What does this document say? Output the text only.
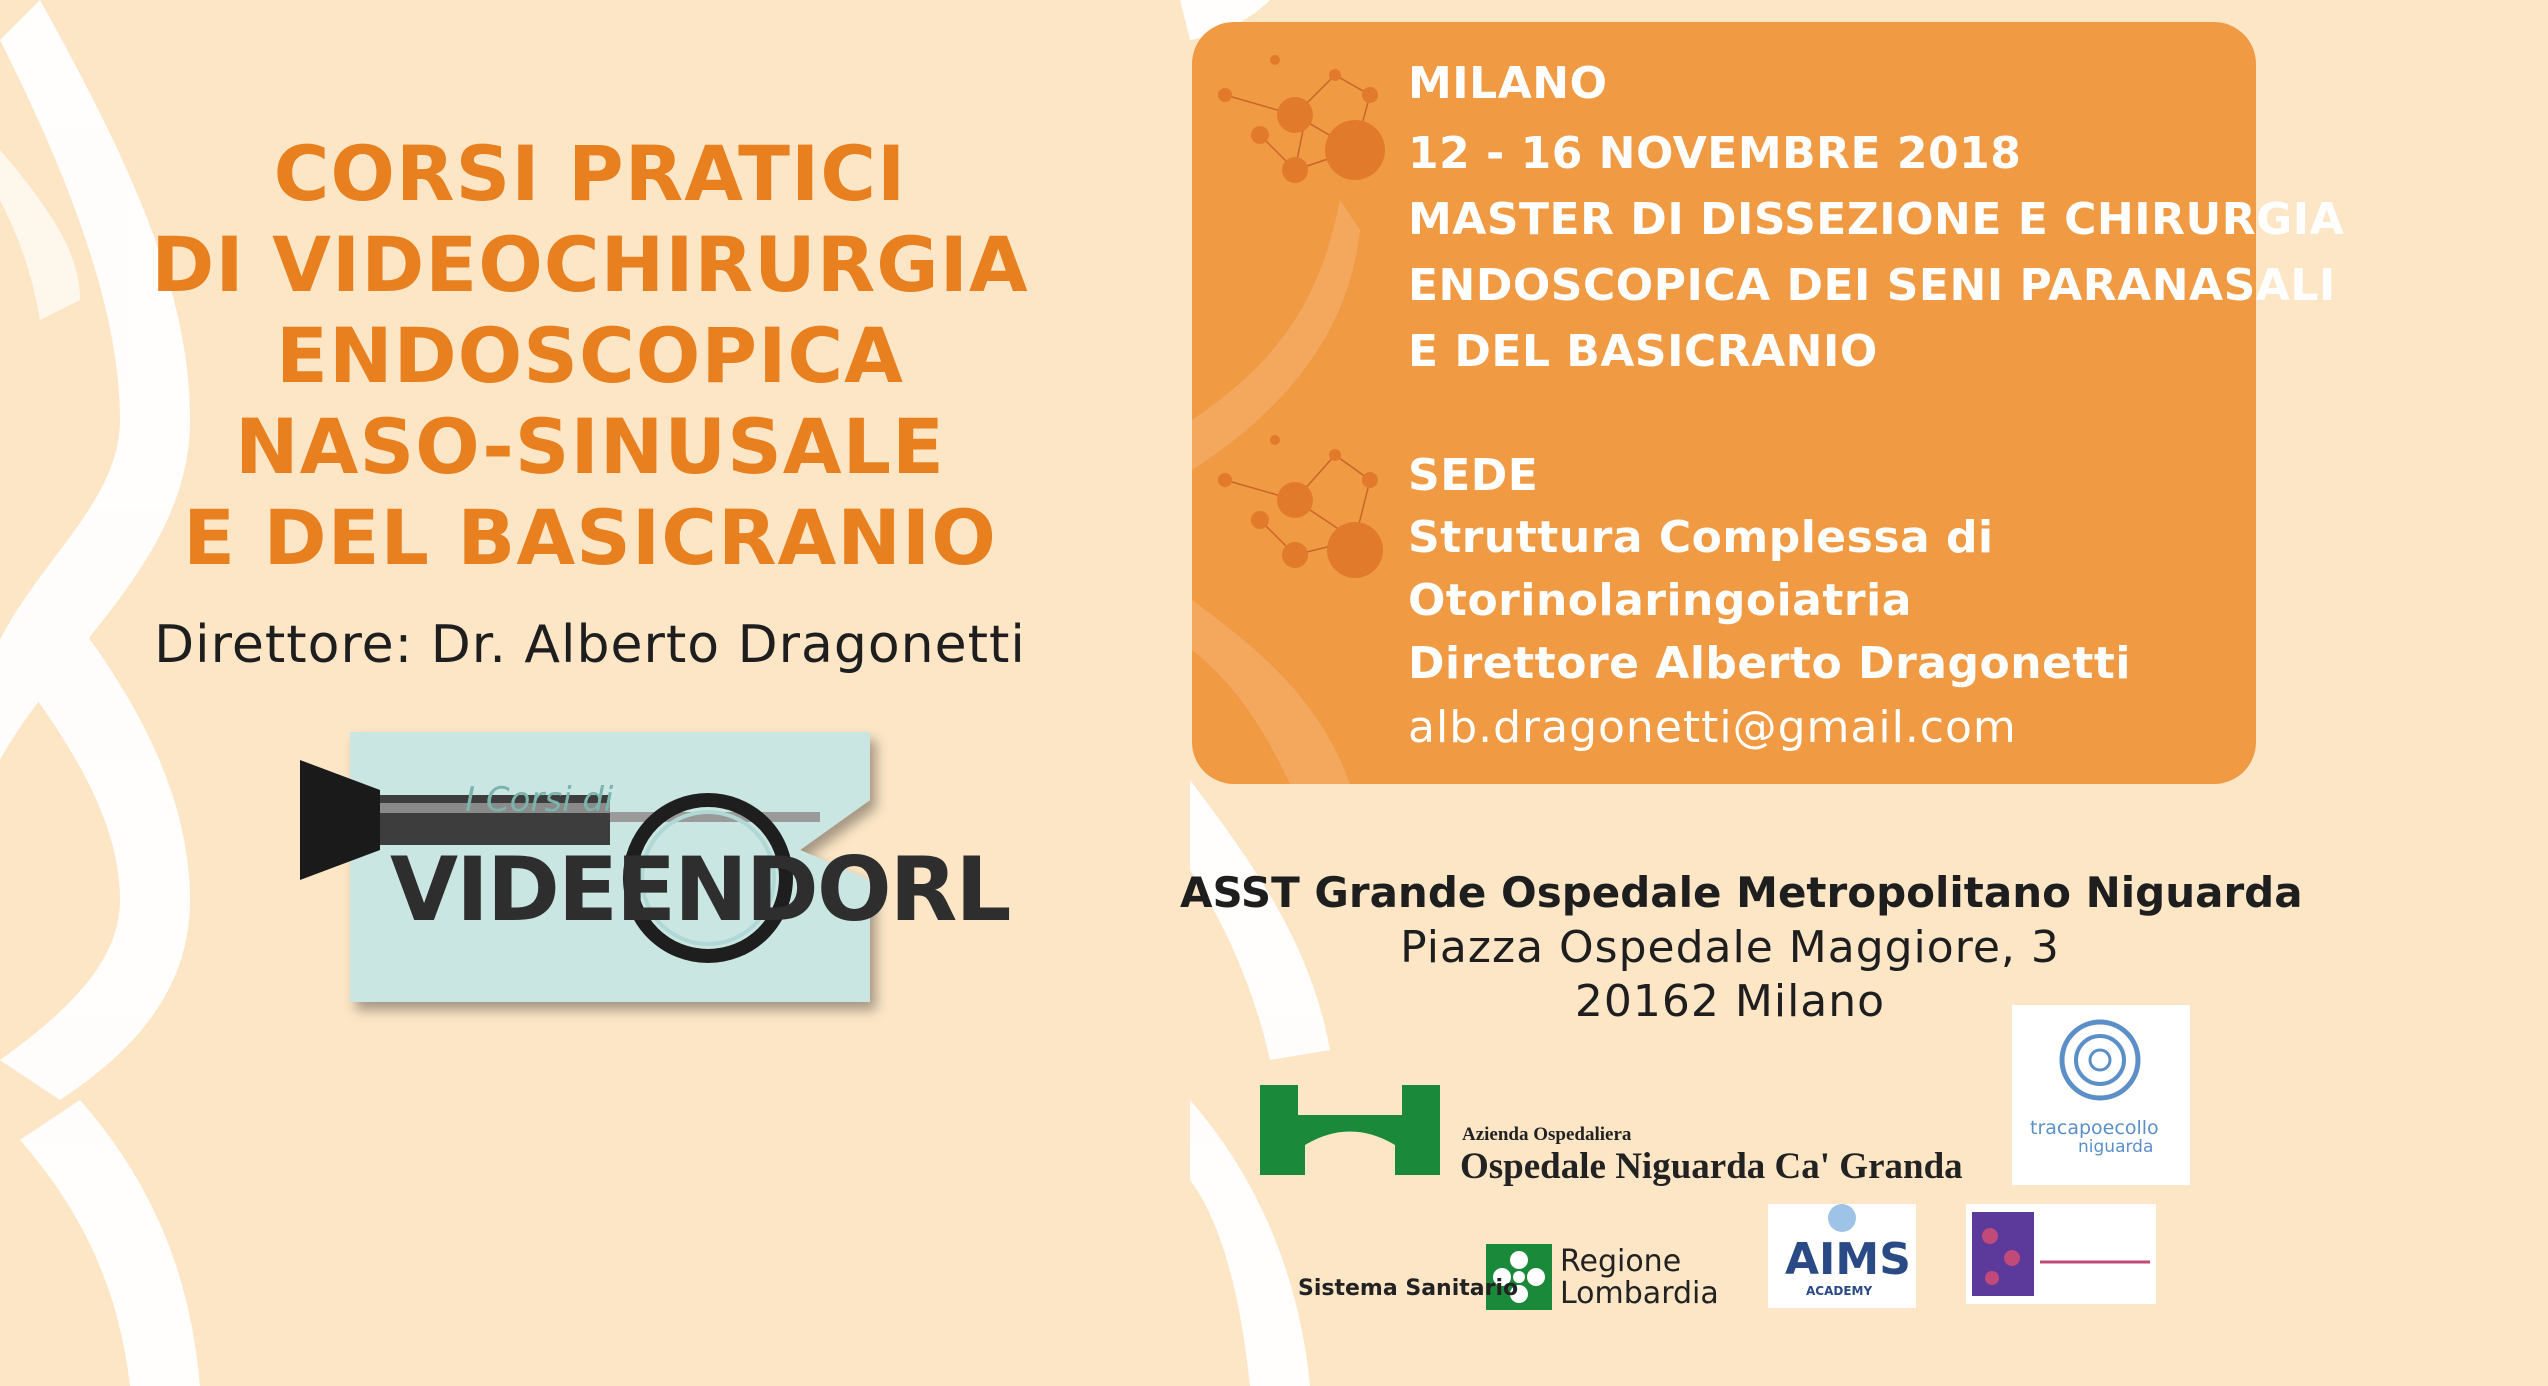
CORSI PRATICI
DI VIDEOCHIRURGIA
ENDOSCOPICA
NASO-SINUSALE
E DEL BASICRANIO
Direttore: Dr. Alberto Dragonetti
I Corsi di
VIDEENDORL
MILANO
12 - 16 NOVEMBRE 2018
MASTER DI DISSEZIONE E CHIRURGIA
ENDOSCOPICA DEI SENI PARANASALI
E DEL BASICRANIO
SEDE
Struttura Complessa di
Otorinolaringoiatria
Direttore Alberto Dragonetti
alb.dragonetti@gmail.com
ASST Grande Ospedale Metropolitano Niguarda
Piazza Ospedale Maggiore, 3
20162 Milano
Azienda Ospedaliera
Ospedale Niguarda Ca' Granda
Sistema Sanitario
Regione
Lombardia
tracapoecollo
niguarda
AIMS
ACADEMY
